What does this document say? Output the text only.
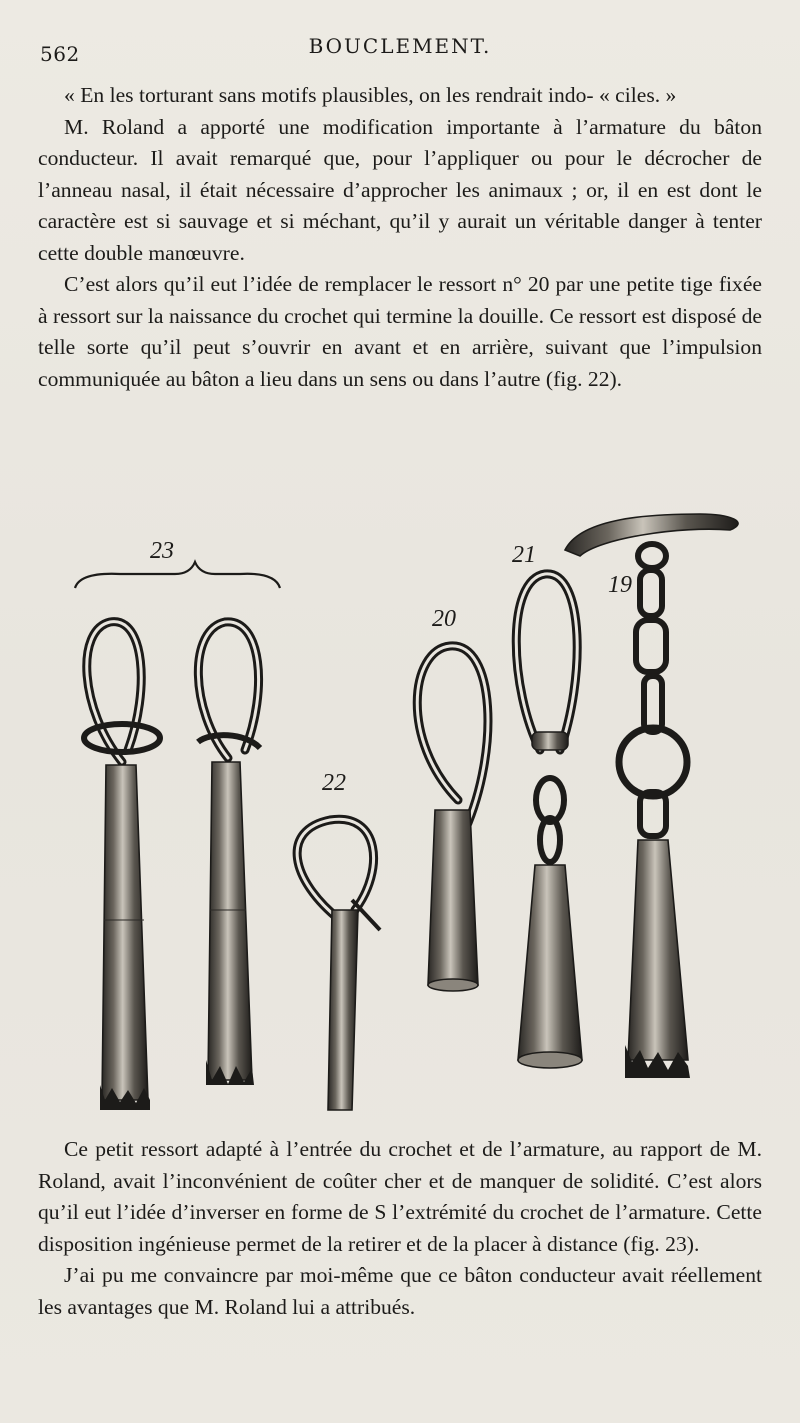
562	BOUCLEMENT.

« En les torturant sans motifs plausibles, on les rendrait indo- « ciles. »

M. Roland a apporté une modification importante à l’armature du bâton conducteur. Il avait remarqué que, pour l’appliquer ou pour le décrocher de l’anneau nasal, il était nécessaire d’approcher les animaux ; or, il en est dont le caractère est si sauvage et si méchant, qu’il y aurait un véritable danger à tenter cette double manœuvre.

C’est alors qu’il eut l’idée de remplacer le ressort n° 20 par une petite tige fixée à ressort sur la naissance du crochet qui termine la douille. Ce ressort est disposé de telle sorte qu’il peut s’ouvrir en avant et en arrière, suivant que l’impulsion communiquée au bâton a lieu dans un sens ou dans l’autre (fig. 22).

23
22
20
21
19

Ce petit ressort adapté à l’entrée du crochet et de l’armature, au rapport de M. Roland, avait l’inconvénient de coûter cher et de manquer de solidité. C’est alors qu’il eut l’idée d’inverser en forme de S l’extrémité du crochet de l’armature. Cette disposition ingénieuse permet de la retirer et de la placer à distance (fig. 23).

J’ai pu me convaincre par moi-même que ce bâton conducteur avait réellement les avantages que M. Roland lui a attribués.
